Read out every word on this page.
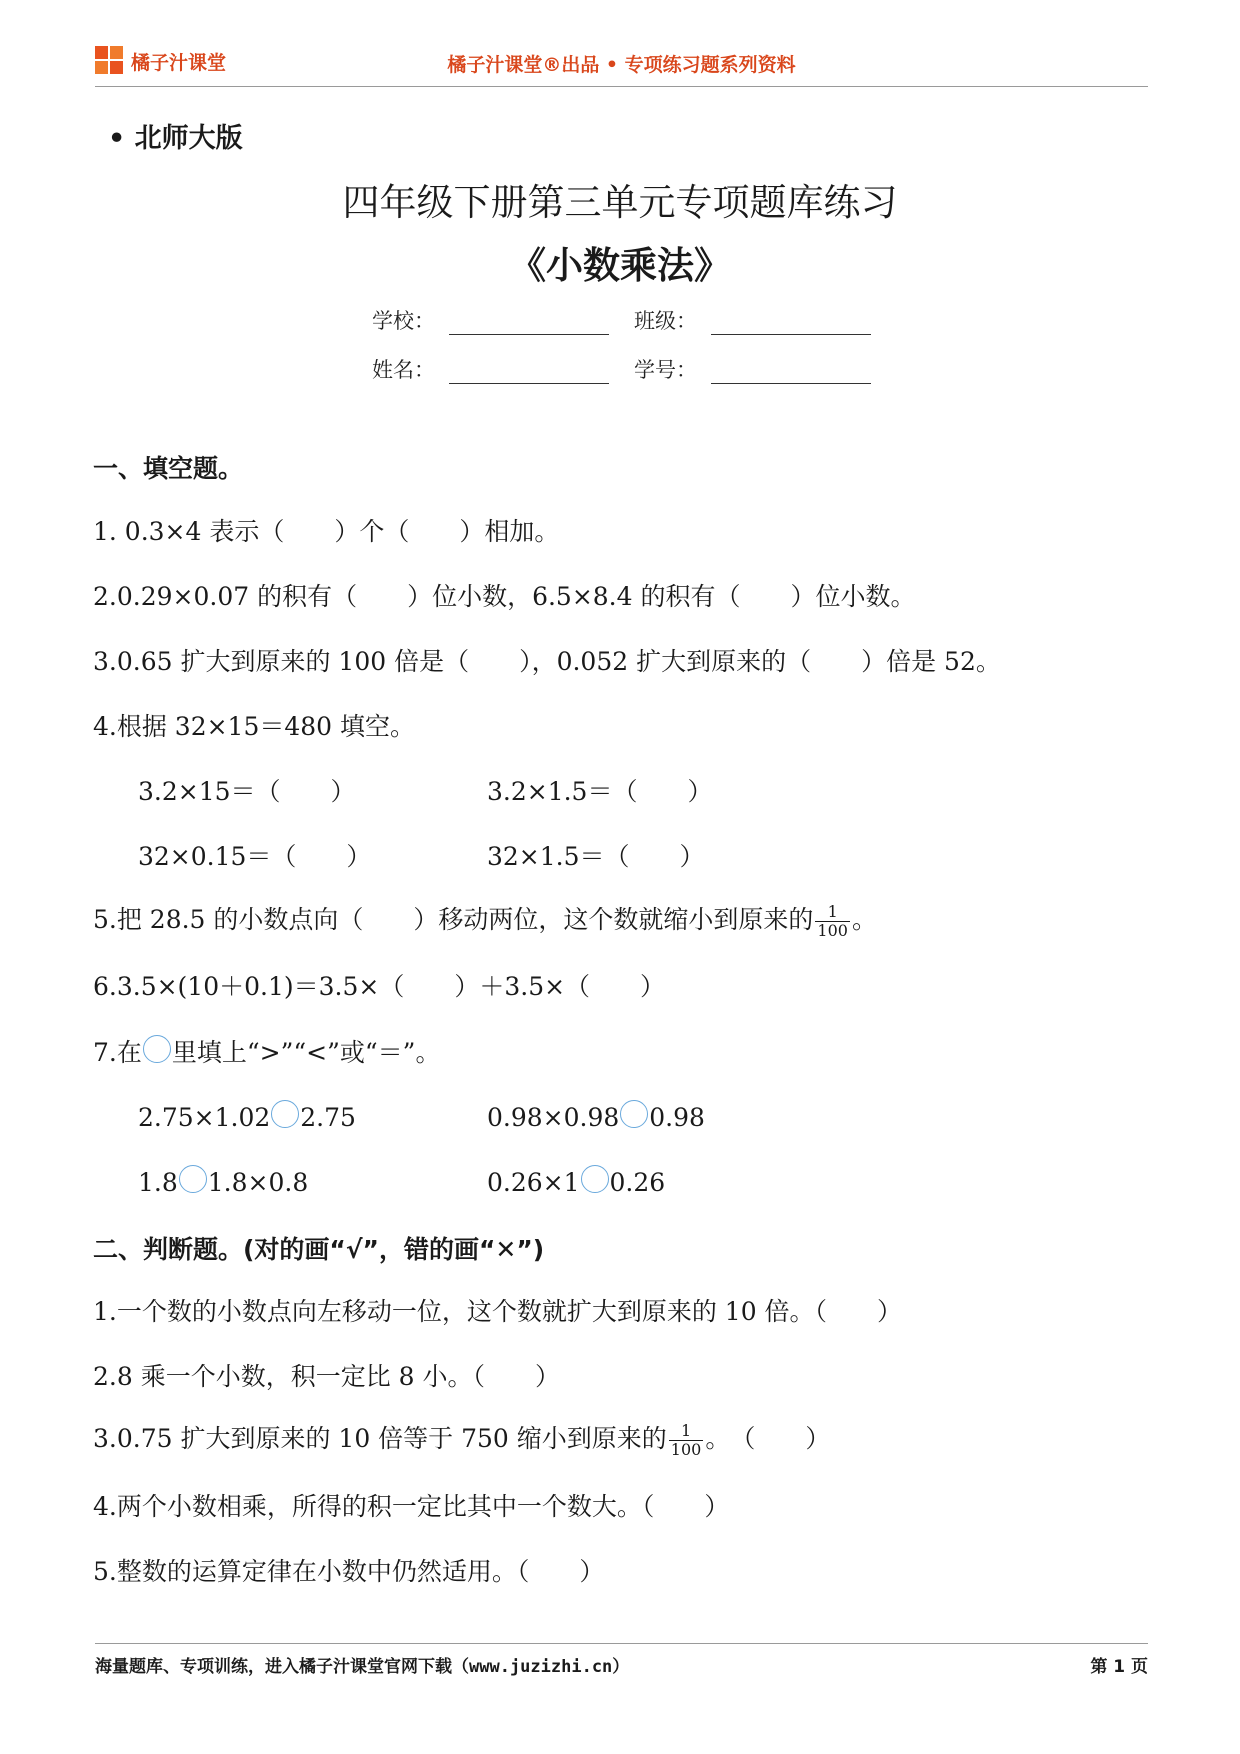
橘子汁课堂	橘子汁课堂®出品 • 专项练习题系列资料
• 北师大版
四年级下册第三单元专项题库练习
《小数乘法》
学校：	班级：
姓名：	学号：
一、填空题。
1. 0.3×4 表示（　　）个（　　）相加。
2.0.29×0.07 的积有（　　）位小数，6.5×8.4 的积有（　　）位小数。
3.0.65 扩大到原来的 100 倍是（　　），0.052 扩大到原来的（　　）倍是 52。
4.根据 32×15＝480 填空。
3.2×15＝（　　）	3.2×1.5＝（　　）
32×0.15＝（　　）	32×1.5＝（　　）
5.把 28.5 的小数点向（　　）移动两位，这个数就缩小到原来的 $\frac{1}{100}$ 。
6.3.5×(10＋0.1)＝3.5×（　　）＋3.5×（　　）
7.在 里填上“>”“<”或“＝”。
2.75×1.02 2.75	0.98×0.98 0.98
1.8 1.8×0.8	0.26×1 0.26
二、判断题。(对的画“√”，错的画“✕”)
1.一个数的小数点向左移动一位，这个数就扩大到原来的 10 倍。（　　）
2.8 乘一个小数，积一定比 8 小。（　　）
3.0.75 扩大到原来的 10 倍等于 750 缩小到原来的 $\frac{1}{100}$ 。　（　　）
4.两个小数相乘，所得的积一定比其中一个数大。（　　）
5.整数的运算定律在小数中仍然适用。（　　）
海量题库、专项训练，进入橘子汁课堂官网下载（www.juzizhi.cn）	第 1 页
